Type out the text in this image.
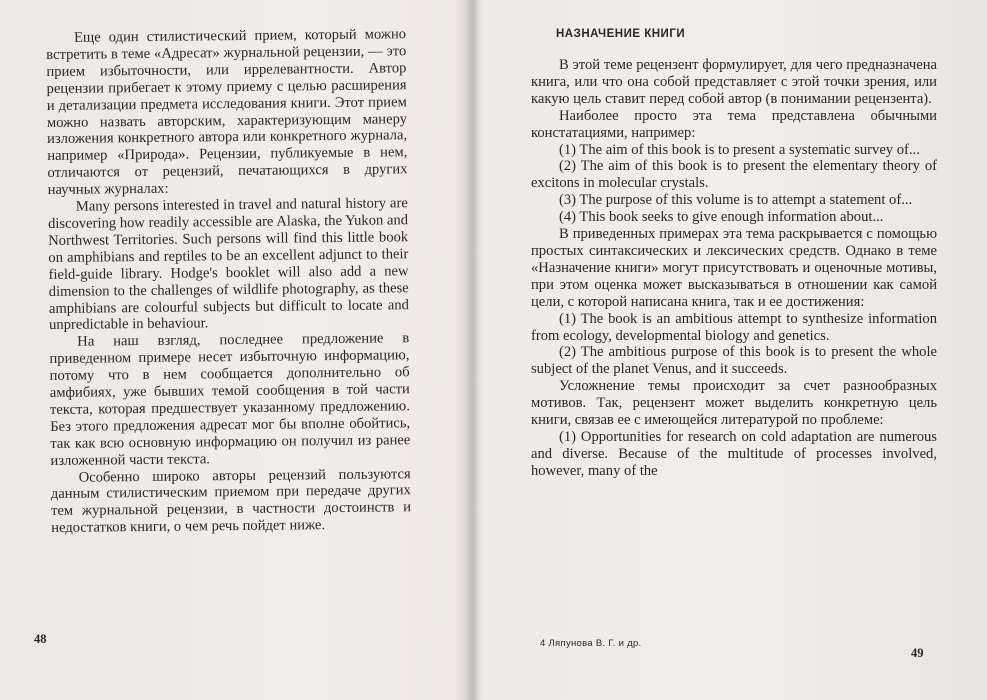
Еще один стилистический прием, который можно встретить в теме «Адресат» журнальной рецензии, — это прием избыточности, или иррелевантности. Автор рецензии прибегает к этому приему с целью расширения и детализации предмета исследования книги. Этот прием можно назвать авторским, характеризующим манеру изложения конкретного автора или конкретного журнала, например «Природа». Рецензии, публикуемые в нем, отличаются от рецензий, печатающихся в других научных журналах:

Many persons interested in travel and natural history are discovering how readily accessible are Alaska, the Yukon and Northwest Territories. Such persons will find this little book on amphibians and reptiles to be an excellent adjunct to their field-guide library. Hodge's booklet will also add a new dimension to the challenges of wildlife photography, as these amphibians are colourful subjects but difficult to locate and unpredictable in behaviour.

На наш взгляд, последнее предложение в приведенном примере несет избыточную информацию, потому что в нем сообщается дополнительно об амфибиях, уже бывших темой сообщения в той части текста, которая предшествует указанному предложению. Без этого предложения адресат мог бы вполне обойтись, так как всю основную информацию он получил из ранее изложенной части текста.

Особенно широко авторы рецензий пользуются данным стилистическим приемом при передаче других тем журнальной рецензии, в частности достоинств и недостатков книги, о чем речь пойдет ниже.

48
НАЗНАЧЕНИЕ КНИГИ

В этой теме рецензент формулирует, для чего предназначена книга, или что она собой представляет с этой точки зрения, или какую цель ставит перед собой автор (в понимании рецензента).

Наиболее просто эта тема представлена обычными констатациями, например:

(1) The aim of this book is to present a systematic survey of...

(2) The aim of this book is to present the elementary theory of excitons in molecular crystals.

(3) The purpose of this volume is to attempt a statement of...

(4) This book seeks to give enough information about...

В приведенных примерах эта тема раскрывается с помощью простых синтаксических и лексических средств. Однако в теме «Назначение книги» могут присутствовать и оценочные мотивы, при этом оценка может высказываться в отношении как самой цели, с которой написана книга, так и ее достижения:

(1) The book is an ambitious attempt to synthesize information from ecology, developmental biology and genetics.

(2) The ambitious purpose of this book is to present the whole subject of the planet Venus, and it succeeds.

Усложнение темы происходит за счет разнообразных мотивов. Так, рецензент может выделить конкретную цель книги, связав ее с имеющейся литературой по проблеме:

(1) Opportunities for research on cold adaptation are numerous and diverse. Because of the multitude of processes involved, however, many of the

4 Ляпунова В. Г. и др.
49
